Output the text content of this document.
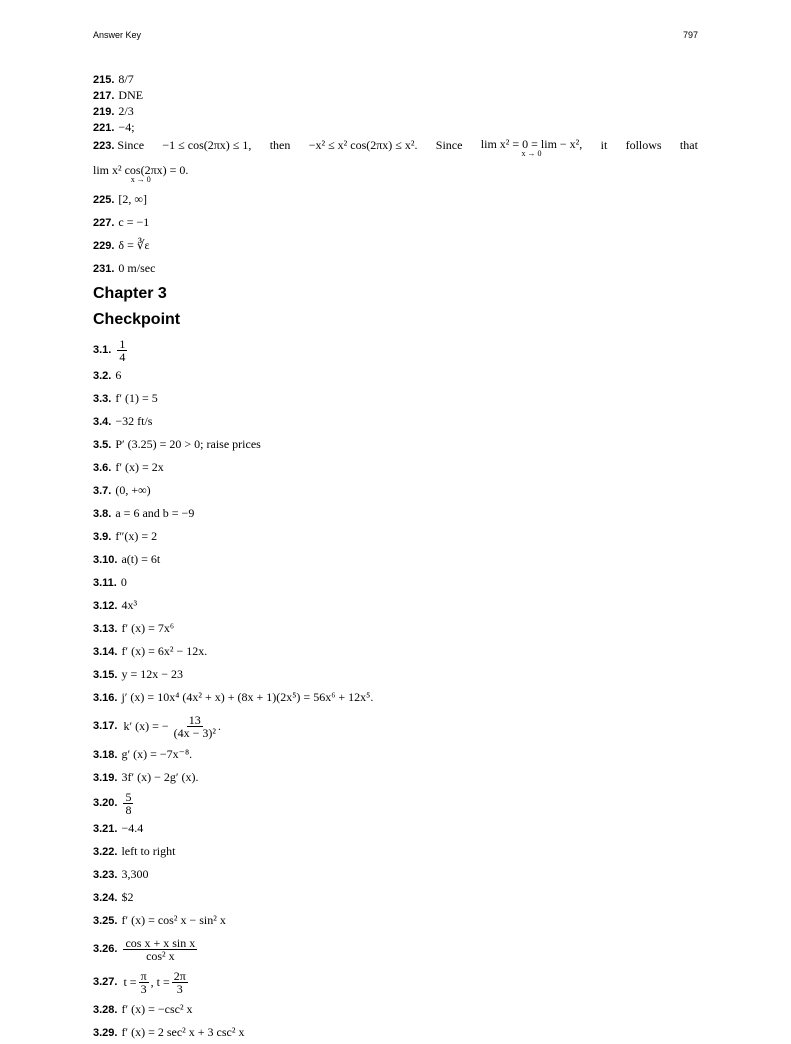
Answer Key	797
215. 8/7
217. DNE
219. 2/3
221. −4;
223. Since −1 ≤ cos(2πx) ≤ 1, then −x² ≤ x² cos(2πx) ≤ x². Since lim x² = 0 = lim − x²,
x → 0
it follows that
lim x² cos(2πx) = 0.
x → 0
225. [2, ∞]
227. c = −1
229. δ = ∛ε
231. 0 m/sec
Chapter 3
Checkpoint
3.1. $\frac{1}{4}$
3.2. 6
3.3. f′ (1) = 5
3.4. −32 ft/s
3.5. P′ (3.25) = 20 > 0; raise prices
3.6. f′ (x) = 2x
3.7. (0, +∞)
3.8. a = 6 and b = −9
3.9. f″(x) = 2
3.10. a(t) = 6t
3.11. 0
3.12. 4x³
3.13. f′ (x) = 7x⁶
3.14. f′ (x) = 6x² − 12x.
3.15. y = 12x − 23
3.16. j′ (x) = 10x⁴ (4x² + x) + (8x + 1)(2x⁵) = 56x⁶ + 12x⁵.
3.17. k′ (x) = − $\frac{13}{\text{(4x − 3)²}}$ .
3.18. g′ (x) = −7x⁻⁸.
3.19. 3f′ (x) − 2g′ (x).
3.20. $\frac{5}{8}$
3.21. −4.4
3.22. left to right
3.23. 3,300
3.24. $2
3.25. f′ (x) = cos² x − sin² x
3.26. $\frac{\text{cos x + x sin x}}{\text{cos² x}}$
3.27. $t = \frac{\pi}{3}$ , $t = \frac{2\pi}{3}$
3.28. f′ (x) = −csc² x
3.29. f′ (x) = 2 sec² x + 3 csc² x
